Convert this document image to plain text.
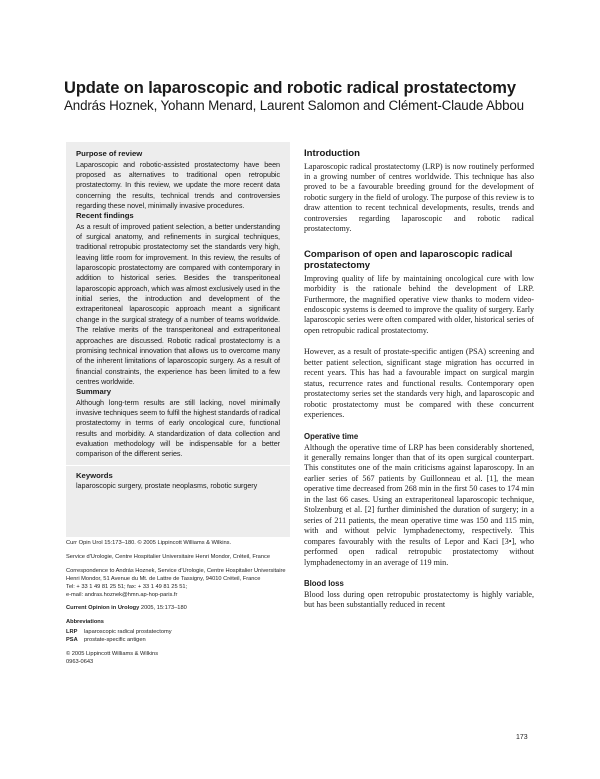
Update on laparoscopic and robotic radical prostatectomy
András Hoznek, Yohann Menard, Laurent Salomon and Clément-Claude Abbou

Purpose of review

Laparoscopic and robotic-assisted prostatectomy have been proposed as alternatives to traditional open retropubic prostatectomy. In this review, we update the more recent data concerning the results, technical trends and controversies regarding these novel, minimally invasive procedures.

Recent findings

As a result of improved patient selection, a better understanding of surgical anatomy, and refinements in surgical techniques, traditional retropubic prostatectomy set the standards very high, leaving little room for improvement. In this review, the results of laparoscopic prostatectomy are compared with contemporary in addition to historical series. Besides the transperitoneal laparoscopic approach, which was almost exclusively used in the initial series, the introduction and development of the extraperitoneal laparoscopic approach meant a significant change in the surgical strategy of a number of teams worldwide. The relative merits of the transperitoneal and extraperitoneal approaches are discussed. Robotic radical prostatectomy is a promising technical innovation that allows us to overcome many of the inherent limitations of laparoscopic surgery. As a result of financial constraints, the experience has been limited to a few centres worldwide.

Summary

Although long-term results are still lacking, novel minimally invasive techniques seem to fulfil the highest standards of radical prostatectomy in terms of early oncological cure, functional results and morbidity. A standardization of data collection and evaluation methodology will be indispensable for a better comparison of the different series.

Keywords

laparoscopic surgery, prostate neoplasms, robotic surgery

Curr Opin Urol 15:173–180. © 2005 Lippincott Williams & Wilkins.

Service d'Urologie, Centre Hospitalier Universitaire Henri Mondor, Créteil, France

Correspondence to András Hoznek, Service d'Urologie, Centre Hospitalier Universitaire Henri Mondor, 51 Avenue du Mt. de Lattre de Tassigny, 94010 Créteil, France

Tel: + 33 1 49 81 25 51; fax: + 33 1 49 81 25 51;

e-mail: andras.hoznek@hmn.ap-hop-paris.fr

Current Opinion in Urology 2005, 15:173–180

Abbreviations

LRP	laparoscopic radical prostatectomy
PSA	prostate-specific antigen

© 2005 Lippincott Williams & Wilkins

0963-0643

Introduction

Laparoscopic radical prostatectomy (LRP) is now routinely performed in a growing number of centres worldwide. This technique has also proved to be a favourable breeding ground for the development of robotic surgery in the field of urology. The purpose of this review is to draw attention to recent technical developments, results, trends and controversies regarding laparoscopic and robotic radical prostatectomy.

Comparison of open and laparoscopic radical prostatectomy

Improving quality of life by maintaining oncological cure with low morbidity is the rationale behind the development of LRP. Furthermore, the magnified operative view thanks to modern video-endoscopic systems is deemed to improve the quality of surgery. Early laparoscopic series were often compared with older, historical series of open retropubic radical prostatectomy.

However, as a result of prostate-specific antigen (PSA) screening and better patient selection, significant stage migration has occurred in recent years. This has had a favourable impact on surgical margin status, recurrence rates and functional results. Contemporary open prostatectomy series set the standards very high, and laparoscopic and robotic prostatectomy must be compared with these concurrent experiences.

Operative time

Although the operative time of LRP has been considerably shortened, it generally remains longer than that of its open surgical counterpart. This constitutes one of the main criticisms against laparoscopy. In an earlier series of 567 patients by Guillonneau et al. [1], the mean operative time decreased from 268 min in the first 50 cases to 174 min in the last 66 cases. Using an extraperitoneal laparoscopic technique, Stolzenburg et al. [2] further diminished the duration of surgery; in a series of 211 patients, the mean operative time was 150 and 115 min, with and without pelvic lymphadenectomy, respectively. This compares favourably with the results of Lepor and Kaci [3•], who performed open radical retropubic prostatectomy without lymphadenectomy in an average of 119 min.

Blood loss

Blood loss during open retropubic prostatectomy is highly variable, but has been substantially reduced in recent

173
